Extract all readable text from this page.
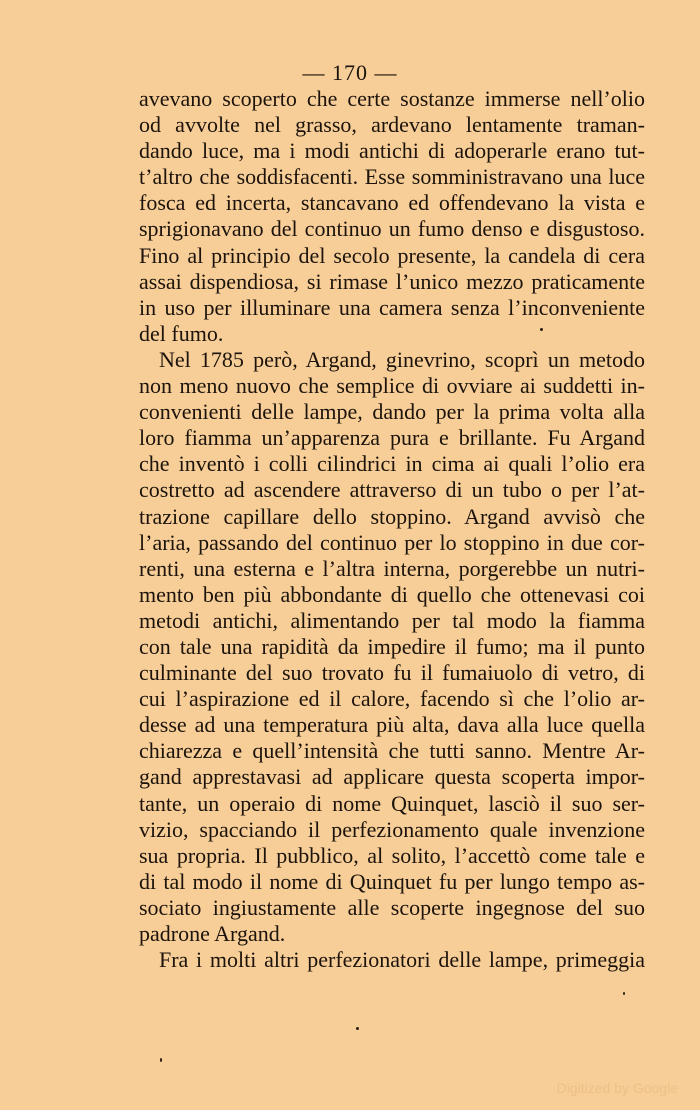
— 170 —
avevano scoperto che certe sostanze immerse nell’olio
od avvolte nel grasso, ardevano lentamente traman-
dando luce, ma i modi antichi di adoperarle erano tut-
t’altro che soddisfacenti. Esse somministravano una luce
fosca ed incerta, stancavano ed offendevano la vista e
sprigionavano del continuo un fumo denso e disgustoso.
Fino al principio del secolo presente, la candela di cera
assai dispendiosa, si rimase l’unico mezzo praticamente
in uso per illuminare una camera senza l’inconveniente
del fumo.
Nel 1785 però, Argand, ginevrino, scoprì un metodo
non meno nuovo che semplice di ovviare ai suddetti in-
convenienti delle lampe, dando per la prima volta alla
loro fiamma un’apparenza pura e brillante. Fu Argand
che inventò i colli cilindrici in cima ai quali l’olio era
costretto ad ascendere attraverso di un tubo o per l’at-
trazione capillare dello stoppino. Argand avvisò che
l’aria, passando del continuo per lo stoppino in due cor-
renti, una esterna e l’altra interna, porgerebbe un nutri-
mento ben più abbondante di quello che ottenevasi coi
metodi antichi, alimentando per tal modo la fiamma
con tale una rapidità da impedire il fumo; ma il punto
culminante del suo trovato fu il fumaiuolo di vetro, di
cui l’aspirazione ed il calore, facendo sì che l’olio ar-
desse ad una temperatura più alta, dava alla luce quella
chiarezza e quell’intensità che tutti sanno. Mentre Ar-
gand apprestavasi ad applicare questa scoperta impor-
tante, un operaio di nome Quinquet, lasciò il suo ser-
vizio, spacciando il perfezionamento quale invenzione
sua propria. Il pubblico, al solito, l’accettò come tale e
di tal modo il nome di Quinquet fu per lungo tempo as-
sociato ingiustamente alle scoperte ingegnose del suo
padrone Argand.
Fra i molti altri perfezionatori delle lampe, primeggia
Digitized by Google
